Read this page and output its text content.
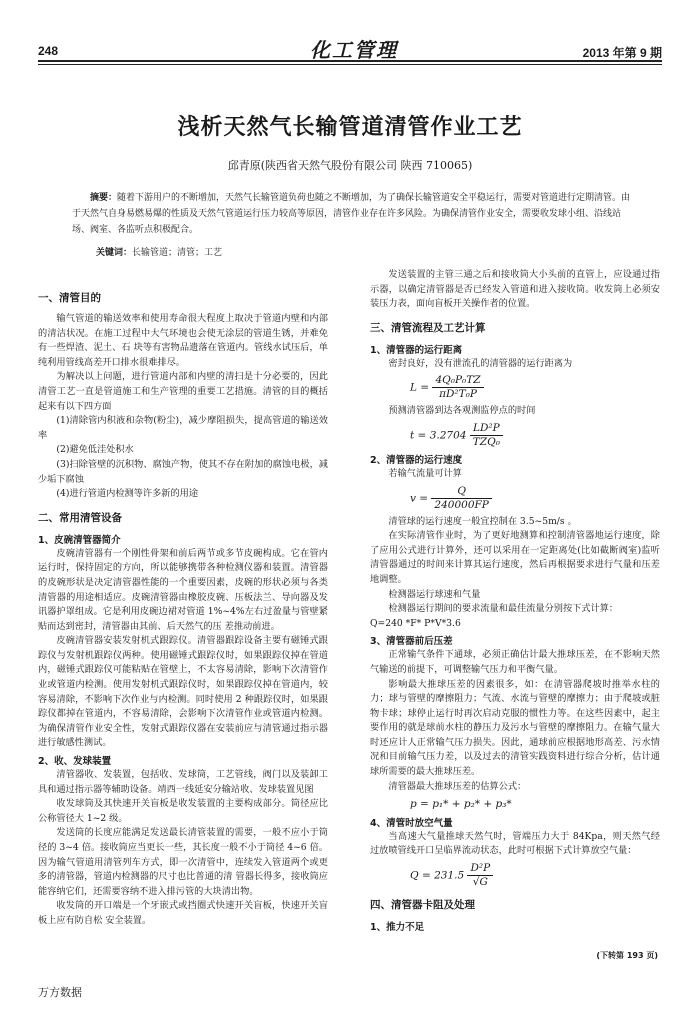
248	化工管理	2013 年第 9 期
浅析天然气长输管道清管作业工艺
邱青原(陕西省天然气股份有限公司 陕西 710065)
摘要：随着下游用户的不断增加，天然气长输管道负荷也随之不断增加，为了确保长输管道安全平稳运行，需要对管道进行定期清管。由于天然气自身易燃易爆的性质及天然气管道运行压力较高等原因，清管作业存在许多风险。为确保清管作业安全，需要收发球小组、沿线站场、阀室、各监听点积极配合。
关键词：长输管道；清管；工艺
一、清管目的

输气管道的输送效率和使用寿命很大程度上取决于管道内壁和内部的清洁状况。在施工过程中大气环境也会使无涂层的管道生锈，并难免有一些焊渣、泥土、石 块等有害物品遗落在管道内。管线水试压后，单纯利用管线高差开口排水很难排尽。

为解决以上问题，进行管道内部和内壁的清扫是十分必要的，因此清管工艺一直是管道施工和生产管理的重要工艺措施。清管的目的概括起来有以下四方面

(1)清除管内积液和杂物(粉尘)，减少摩阻损失，提高管道的输送效率

(2)避免低洼处积水

(3)扫除管壁的沉积物、腐蚀产物，使其不存在附加的腐蚀电极，减少垢下腐蚀

(4)进行管道内检测等许多新的用途

二、常用清管设备
1、皮碗清管器简介

皮碗清管器有一个刚性骨架和前后两节或多节皮碗构成。它在管内运行时，保持固定的方向，所以能够携带各种检测仪器和装置。清管器的皮碗形状是决定清管器性能的一个重要因素，皮碗的形状必须与各类清管器的用途相适应。皮碗清管器由橡胶皮碗、压板法兰、导向器及发讯器护罩组成。它是利用皮碗边裙对管道 1%~4%左右过盈量与管壁紧贴而达到密封，清管器由其前、后天然气的压 差推动前进。

皮碗清管器安装发射机式跟踪仪。清管器跟踪设备主要有磁锤式跟踪仪与发射机跟踪仪两种。使用磁锤式跟踪仪时，如果跟踪仪掉在管道内，磁锤式跟踪仪可能粘贴在管壁上，不太容易清除，影响下次清管作业或管道内检测。使用发射机式跟踪仪时，如果跟踪仪掉在管道内，较容易清除，不影响下次作业与内检测。同时使用 2 种跟踪仪时，如果跟踪仪都掉在管道内，不容易清除，会影响下次清管作业或管道内检测。为确保清管作业安全性，发射式跟踪仪器在安装前应与清管通过指示器进行敏感性测试。

2、收、发球装置

清管器收、发装置，包括收、发球筒，工艺管线，阀门以及装卸工具和通过指示器等辅助设备。靖西一线延安分输站收、发球装置见图

收发球筒及其快速开关盲板是收发装置的主要构成部分。筒径应比公称管径大 1~2 级。

发送筒的长度应能满足发送最长清管装置的需要，一般不应小于筒径的 3~4 倍。接收筒应当更长一些，其长度一般不小于筒径 4~6 倍。因为输气管道用清管列车方式，即一次清管中，连续发入管道两个或更多的清管器，管道内检测器的尺寸也比普通的清 管器长得多，接收筒应能容纳它们，还需要容纳不进入排污管的大块清出物。

收发筒的开口端是一个牙嵌式或挡圈式快速开关盲板，快速开关盲板上应有防自松 安全装置。

发送装置的主管三通之后和接收筒大小头前的直管上，应设通过指示器，以确定清管器是否已经发入管道和进入接收筒。收发筒上必须安装压力表，面向盲板开关操作者的位置。

三、清管流程及工艺计算
1、清管器的运行距离

密封良好，没有泄流孔的清管器的运行距离为

$L = \frac{\text{4Q₀P₀TZ}}{\text{πD²T₀P}}$

预测清管器到达各观测监停点的时间

$t = 3.2704 \frac{\text{LD²P}}{\text{TZQ₀}}$
2、清管器的运行速度

若输气流量可计算

$v = \frac{Q}{240000FP}$

清管球的运行速度一般宜控制在 3.5~5m/s 。

在实际清管作业时，为了更好地测算和控制清管器地运行速度，除了应用公式进行计算外，还可以采用在一定距离处(比如截断阀室)监听清管器通过的时间来计算其运行速度，然后再根据要求进行气量和压差地调整。

检测器运行球速和气量

检测器运行期间的要求流量和最佳流量分别按下式计算：

Q=240 *F* P*V*3.6

3、清管器前后压差

正常输气条件下通球，必须正确估计最大推球压差，在不影响天然气输送的前提下，可调整输气压力和平衡气量。

影响最大推球压差的因素很多，如：在清管器爬坡时推举水柱的力；球与管壁的摩擦阻力；气流、水流与管壁的摩擦力；由于爬坡或脏物卡球；球停止运行时再次启动克服的惯性力等。在这些因素中，起主要作用的就是球前水柱的静压力及污水与管壁的摩擦阻力。在输气量大时还应计人正常输气压力损失。因此，通球前应根据地形高差、污水情况和目前输气压力差，以及过去的清管实践资料进行综合分析，估计通球所需要的最大推球压差。

清管器最大推球压差的估算公式：

p = p₁* + p₂* + p₃*
4、清管时放空气量

当高速大气量推球天然气时，管端压力大于 84Kpa，则天然气经过放喷管线开口呈临界流动状态，此时可根据下式计算放空气量：

$Q = 231.5 \frac{\text{D²P}}{√G}$
四、清管器卡阻及处理
1、推力不足
(下转第 193 页)
万方数据
